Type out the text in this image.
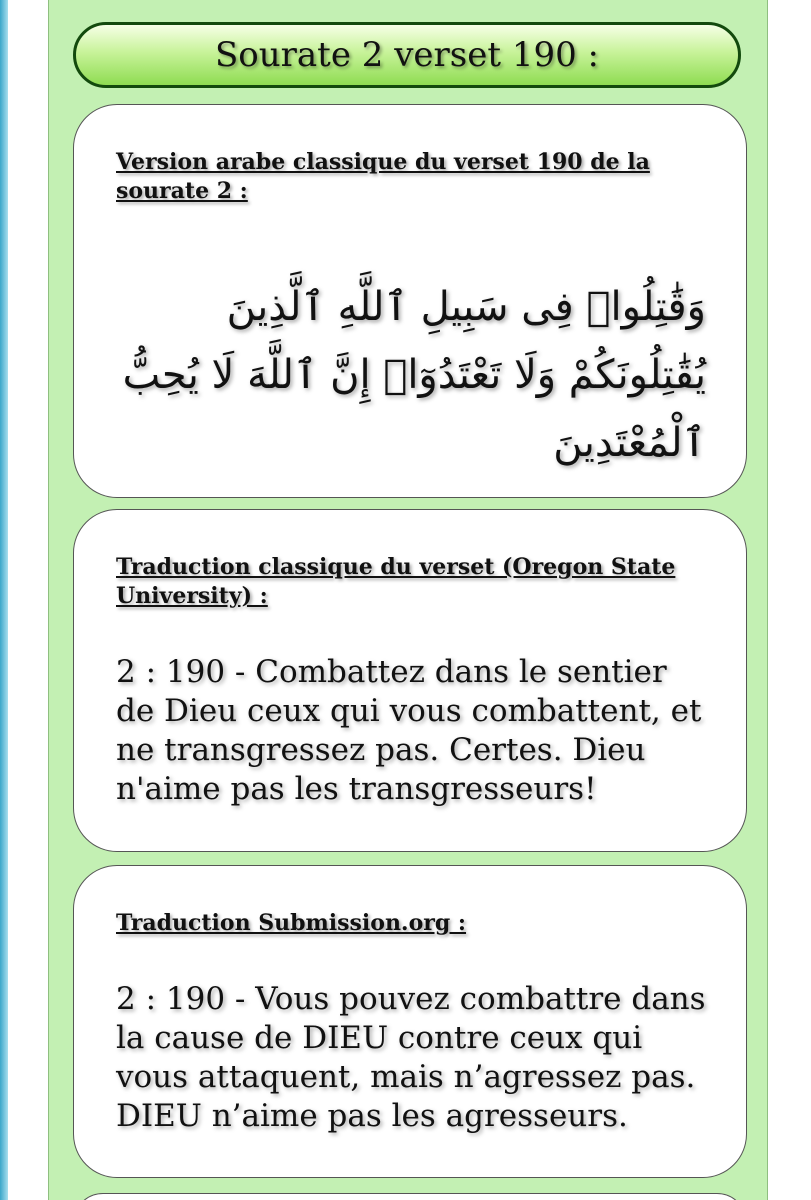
Sourate 2 verset 190 :
Version arabe classique du verset 190 de la sourate 2 :
وَقَٰتِلُوا۟ فِى سَبِيلِ ٱللَّهِ ٱلَّذِينَ يُقَٰتِلُونَكُمْ وَلَا تَعْتَدُوٓا۟ إِنَّ ٱللَّهَ لَا يُحِبُّ ٱلْمُعْتَدِينَ
Traduction classique du verset (Oregon State University) :

2 : 190 - Combattez dans le sentier de Dieu ceux qui vous combattent, et ne transgressez pas. Certes. Dieu n'aime pas les transgresseurs!

Traduction Submission.org :

2 : 190 - Vous pouvez combattre dans la cause de DIEU contre ceux qui vous attaquent, mais n’agressez pas. DIEU n’aime pas les agresseurs.
